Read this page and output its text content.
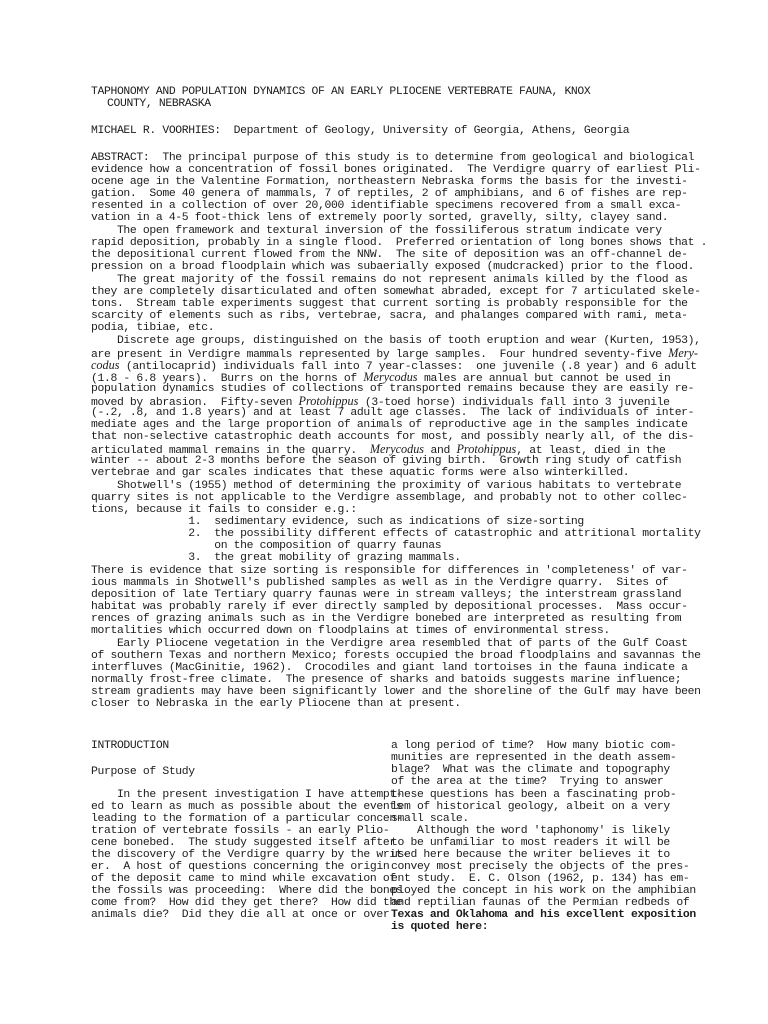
TAPHONOMY AND POPULATION DYNAMICS OF AN EARLY PLIOCENE VERTEBRATE FAUNA, KNOX
COUNTY, NEBRASKA
MICHAEL R. VOORHIES:  Department of Geology, University of Georgia, Athens, Georgia
ABSTRACT:  The principal purpose of this study is to determine from geological and biological
evidence how a concentration of fossil bones originated.  The Verdigre quarry of earliest Pli-
ocene age in the Valentine Formation, northeastern Nebraska forms the basis for the investi-
gation.  Some 40 genera of mammals, 7 of reptiles, 2 of amphibians, and 6 of fishes are rep-
resented in a collection of over 20,000 identifiable specimens recovered from a small exca-
vation in a 4-5 foot-thick lens of extremely poorly sorted, gravelly, silty, clayey sand.
The open framework and textural inversion of the fossiliferous stratum indicate very
rapid deposition, probably in a single flood.  Preferred orientation of long bones shows that .
the depositional current flowed from the NNW.  The site of deposition was an off-channel de-
pression on a broad floodplain which was subaerially exposed (mudcracked) prior to the flood.
The great majority of the fossil remains do not represent animals killed by the flood as
they are completely disarticulated and often somewhat abraded, except for 7 articulated skele-
tons.  Stream table experiments suggest that current sorting is probably responsible for the
scarcity of elements such as ribs, vertebrae, sacra, and phalanges compared with rami, meta-
podia, tibiae, etc.
Discrete age groups, distinguished on the basis of tooth eruption and wear (Kurten, 1953),
are present in Verdigre mammals represented by large samples.  Four hundred seventy-five Mery-
codus (antilocaprid) individuals fall into 7 year-classes:  one juvenile (.8 year) and 6 adult
(1.8 - 6.8 years).  Burrs on the horns of Merycodus males are annual but cannot be used in
population dynamics studies of collections of transported remains because they are easily re-
moved by abrasion.  Fifty-seven Protohippus (3-toed horse) individuals fall into 3 juvenile
(-.2, .8, and 1.8 years) and at least 7 adult age classes.  The lack of individuals of inter-
mediate ages and the large proportion of animals of reproductive age in the samples indicate
that non-selective catastrophic death accounts for most, and possibly nearly all, of the dis-
articulated mammal remains in the quarry.  Merycodus and Protohippus, at least, died in the
winter -- about 2-3 months before the season of giving birth.  Growth ring study of catfish
vertebrae and gar scales indicates that these aquatic forms were also winterkilled.
Shotwell's (1955) method of determining the proximity of various habitats to vertebrate
quarry sites is not applicable to the Verdigre assemblage, and probably not to other collec-
tions, because it fails to consider e.g.:
1.  sedimentary evidence, such as indications of size-sorting
2.  the possibility different effects of catastrophic and attritional mortality
on the composition of quarry faunas
3.  the great mobility of grazing mammals.
There is evidence that size sorting is responsible for differences in 'completeness' of var-
ious mammals in Shotwell's published samples as well as in the Verdigre quarry.  Sites of
deposition of late Tertiary quarry faunas were in stream valleys; the interstream grassland
habitat was probably rarely if ever directly sampled by depositional processes.  Mass occur-
rences of grazing animals such as in the Verdigre bonebed are interpreted as resulting from
mortalities which occurred down on floodplains at times of environmental stress.
Early Pliocene vegetation in the Verdigre area resembled that of parts of the Gulf Coast
of southern Texas and northern Mexico; forests occupied the broad floodplains and savannas the
interfluves (MacGinitie, 1962).  Crocodiles and giant land tortoises in the fauna indicate a
normally frost-free climate.  The presence of sharks and batoids suggests marine influence;
stream gradients may have been significantly lower and the shoreline of the Gulf may have been
closer to Nebraska in the early Pliocene than at present.
INTRODUCTION
Purpose of Study
In the present investigation I have attempt-
ed to learn as much as possible about the events
leading to the formation of a particular concen-
tration of vertebrate fossils - an early Plio-
cene bonebed.  The study suggested itself after
the discovery of the Verdigre quarry by the writ-
er.  A host of questions concerning the origin
of the deposit came to mind while excavation of
the fossils was proceeding:  Where did the bones
come from?  How did they get there?  How did the
animals die?  Did they die all at once or over
a long period of time?  How many biotic com-
munities are represented in the death assem-
blage?  What was the climate and topography
of the area at the time?  Trying to answer
these questions has been a fascinating prob-
lem of historical geology, albeit on a very
small scale.
Although the word 'taphonomy' is likely
to be unfamiliar to most readers it will be
used here because the writer believes it to
convey most precisely the objects of the pres-
ent study.  E. C. Olson (1962, p. 134) has em-
ployed the concept in his work on the amphibian
and reptilian faunas of the Permian redbeds of
Texas and Oklahoma and his excellent exposition
is quoted here:
